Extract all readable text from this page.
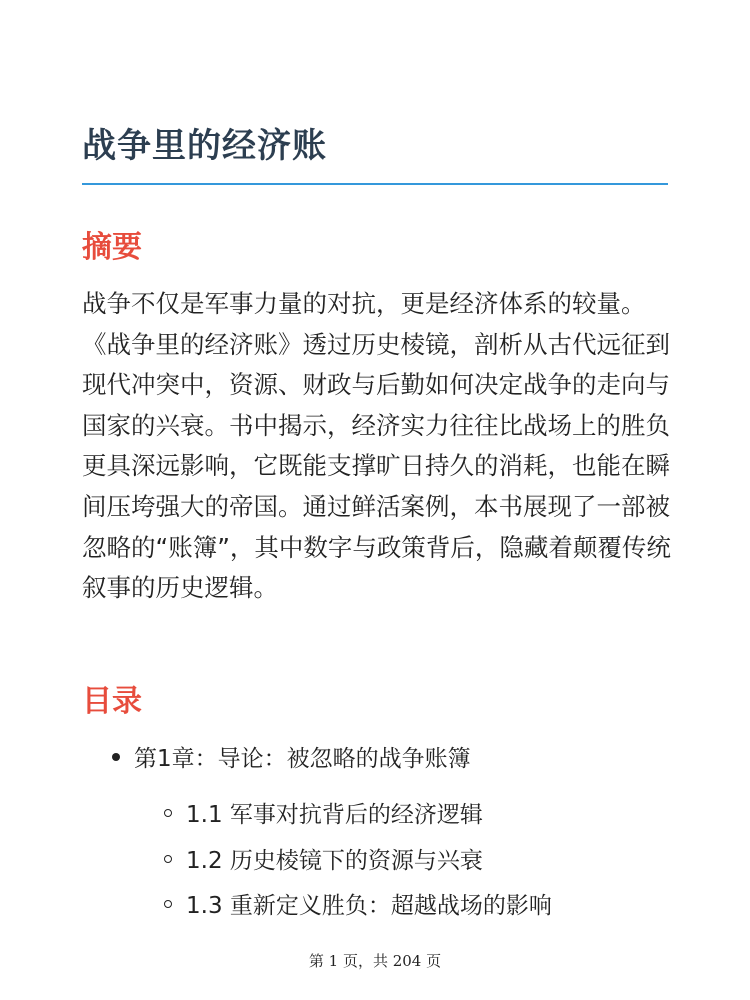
战争里的经济账
摘要

战争不仅是军事力量的对抗，更是经济体系的较量。《战争里的经济账》透过历史棱镜，剖析从古代远征到现代冲突中，资源、财政与后勤如何决定战争的走向与国家的兴衰。书中揭示，经济实力往往比战场上的胜负更具深远影响，它既能支撑旷日持久的消耗，也能在瞬间压垮强大的帝国。通过鲜活案例，本书展现了一部被忽略的“账簿”，其中数字与政策背后，隐藏着颠覆传统叙事的历史逻辑。

目录
第1章：导论：被忽略的战争账簿
1.1 军事对抗背后的经济逻辑
1.2 历史棱镜下的资源与兴衰
1.3 重新定义胜负：超越战场的影响
第 1 页，共 204 页
